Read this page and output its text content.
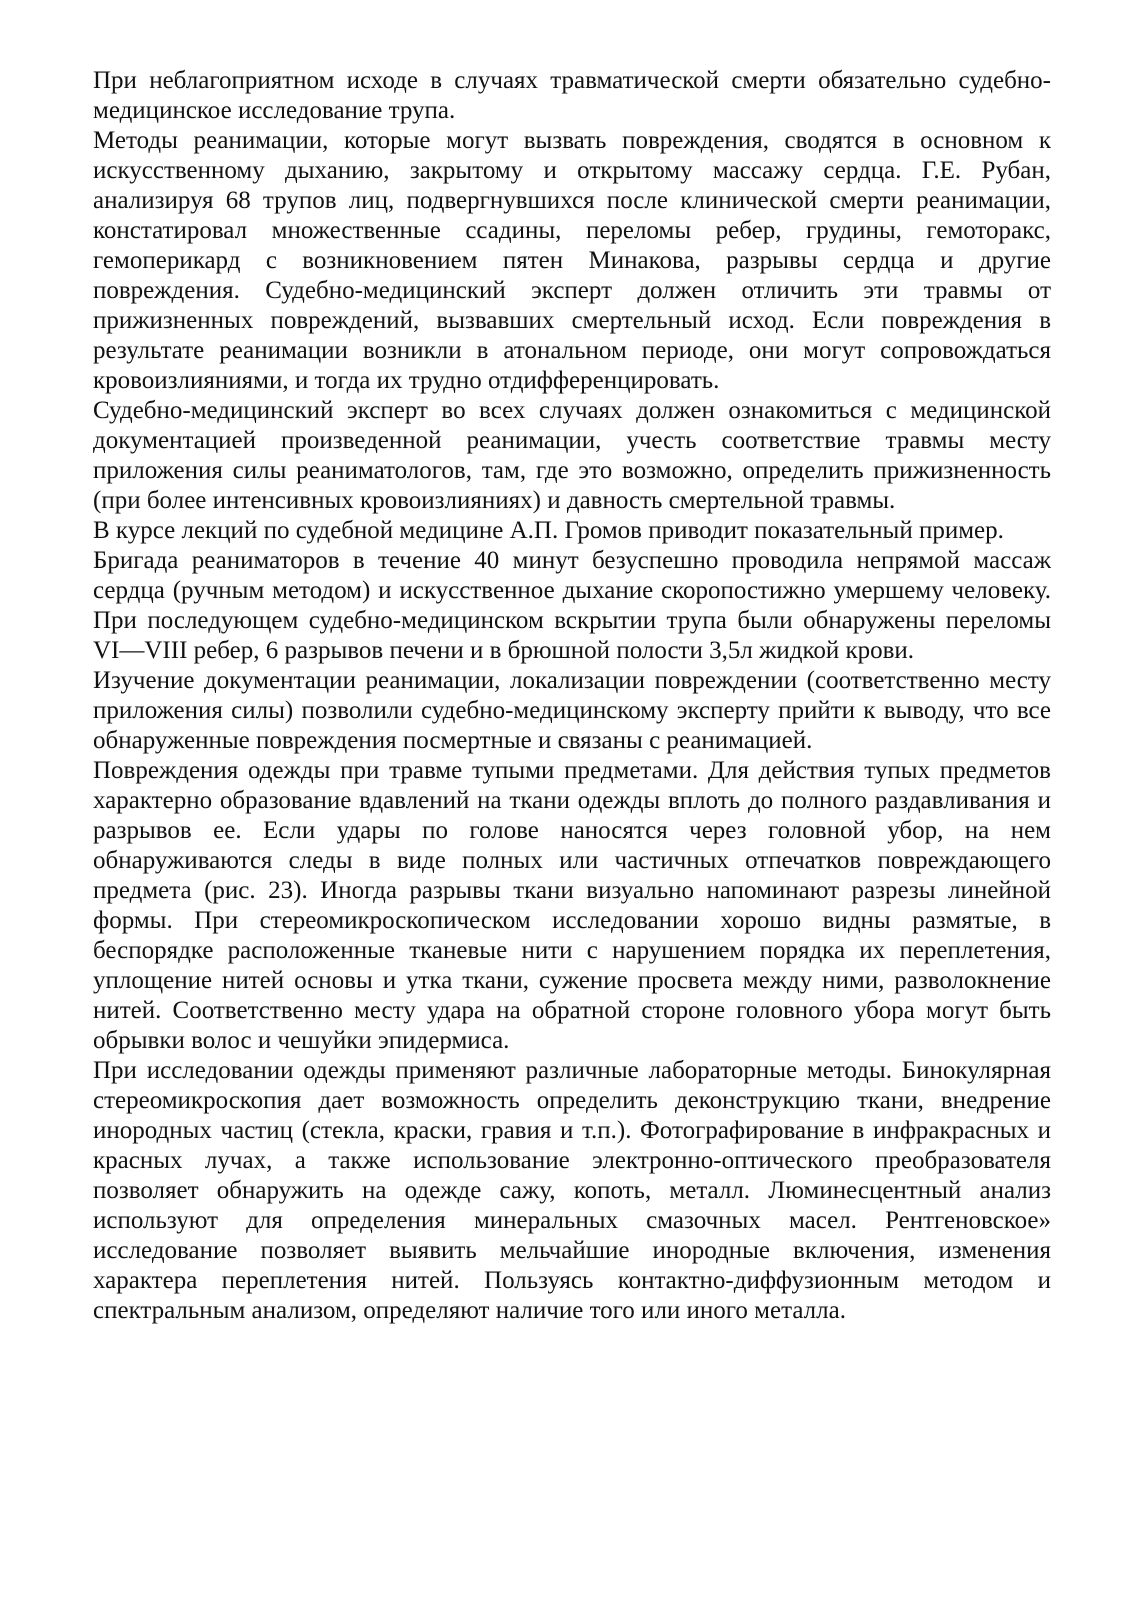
При неблагоприятном исходе в случаях травматической смерти обязательно судебно-медицинское исследование трупа.

Методы реанимации, которые могут вызвать повреждения, сводятся в основном к искусственному дыханию, закрытому и открытому массажу сердца. Г.Е. Рубан, анализируя 68 трупов лиц, подвергнувшихся после клинической смерти реанимации, констатировал множественные ссадины, переломы ребер, грудины, гемоторакс, гемоперикард с возникновением пятен Минакова, разрывы сердца и другие повреждения. Судебно-медицинский эксперт должен отличить эти травмы от прижизненных повреждений, вызвавших смертельный исход. Если повреждения в результате реанимации возникли в атональном периоде, они могут сопровождаться кровоизлияниями, и тогда их трудно отдифференцировать.

Судебно-медицинский эксперт во всех случаях должен ознакомиться с медицинской документацией произведенной реанимации, учесть соответствие травмы месту приложения силы реаниматологов, там, где это возможно, определить прижизненность (при более интенсивных кровоизлияниях) и давность смертельной травмы.

В курсе лекций по судебной медицине А.П. Громов приводит показательный пример.

Бригада реаниматоров в течение 40 минут безуспешно проводила непрямой массаж сердца (ручным методом) и искусственное дыхание скоропостижно умершему человеку. При последующем судебно-медицинском вскрытии трупа были обнаружены переломы VI—VIII ребер, 6 разрывов печени и в брюшной полости 3,5л жидкой крови.

Изучение документации реанимации, локализации повреждении (соответственно месту приложения силы) позволили судебно-медицинскому эксперту прийти к выводу, что все обнаруженные повреждения посмертные и связаны с реанимацией.

Повреждения одежды при травме тупыми предметами. Для действия тупых предметов характерно образование вдавлений на ткани одежды вплоть до полного раздавливания и разрывов ее. Если удары по голове наносятся через головной убор, на нем обнаруживаются следы в виде полных или частичных отпечатков повреждающего предмета (рис. 23). Иногда разрывы ткани визуально напоминают разрезы линейной формы. При стереомикроскопическом исследовании хорошо видны размятые, в беспорядке расположенные тканевые нити с нарушением порядка их переплетения, уплощение нитей основы и утка ткани, сужение просвета между ними, разволокнение нитей. Соответственно месту удара на обратной стороне головного убора могут быть обрывки волос и чешуйки эпидермиса.

При исследовании одежды применяют различные лабораторные методы. Бинокулярная стереомикроскопия дает возможность определить деконструкцию ткани, внедрение инородных частиц (стекла, краски, гравия и т.п.). Фотографирование в инфракрасных и красных лучах, а также использование электронно-оптического преобразователя позволяет обнаружить на одежде сажу, копоть, металл. Люминесцентный анализ используют для определения минеральных смазочных масел. Рентгеновское» исследование позволяет выявить мельчайшие инородные включения, изменения характера переплетения нитей. Пользуясь контактно-диффузионным методом и спектральным анализом, определяют наличие того или иного металла.
